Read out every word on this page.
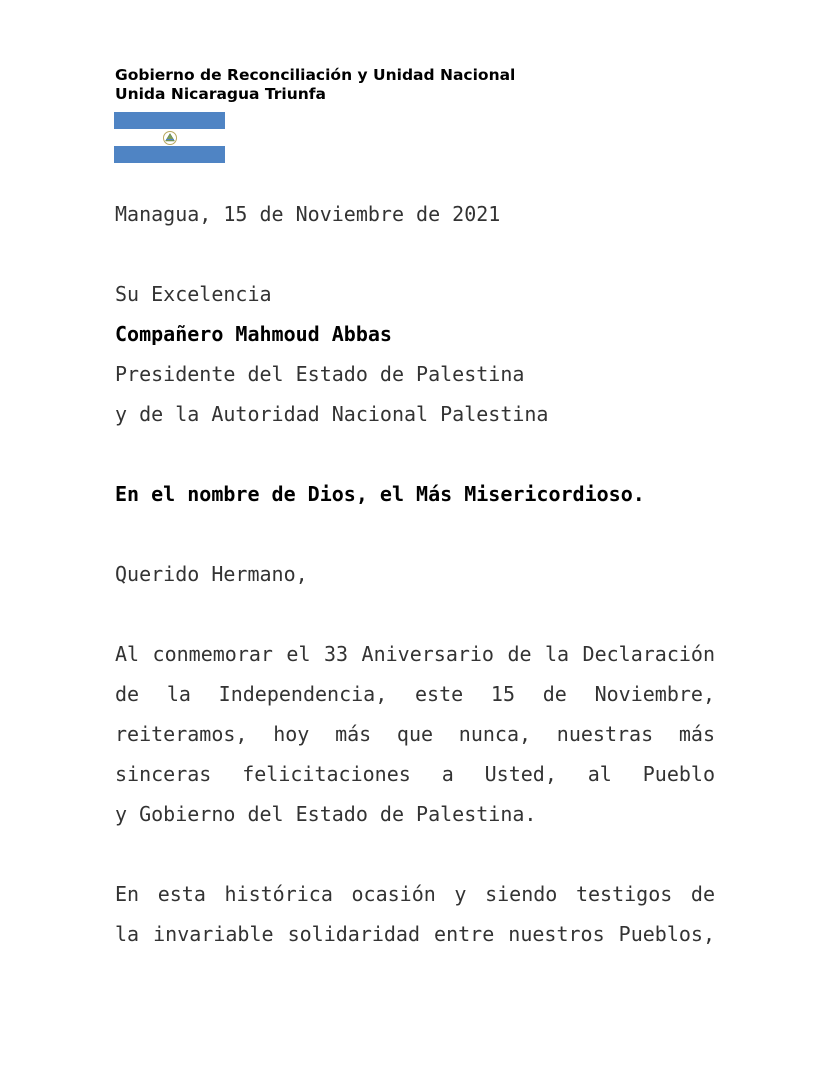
Gobierno de Reconciliación y Unidad Nacional
Unida Nicaragua Triunfa
Managua, 15 de Noviembre de 2021
Su Excelencia
Compañero Mahmoud Abbas
Presidente del Estado de Palestina
y de la Autoridad Nacional Palestina
En el nombre de Dios, el Más Misericordioso.
Querido Hermano,
Al conmemorar el 33 Aniversario de la Declaración
de la Independencia, este 15 de Noviembre,
reiteramos, hoy más que nunca, nuestras más
sinceras felicitaciones a Usted, al Pueblo
y Gobierno del Estado de Palestina.
En esta histórica ocasión y siendo testigos de
la invariable solidaridad entre nuestros Pueblos,
